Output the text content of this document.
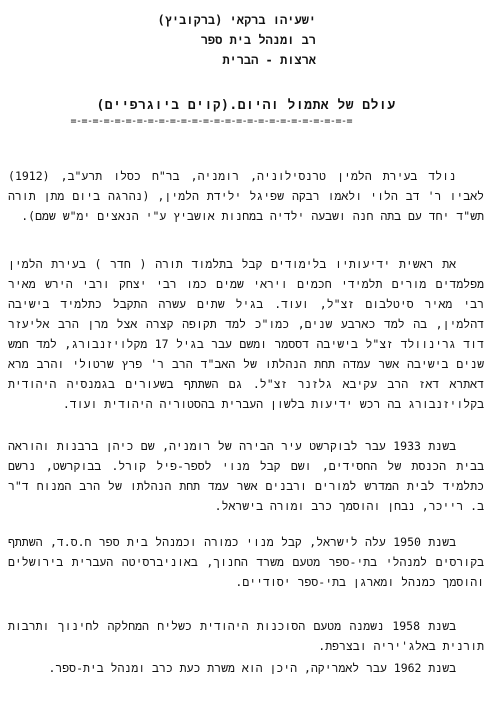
ישעיהו ברקאי (ברקוביץ)
רב ומנהל בית ספר
ארצות - הברית
עולם של אתמול והיום.(קוים ביוגרפיים)
=-=-=-=-=-=-=-=-=-=-=-=-=-=-=-=-=-=-=-=-=-=-=-=-=-=
נולד בעירת הלמין טרנסילוניה, רומניה, בר"ח כסלו תרע"ב, (1912) לאביו ר' דב הלוי ולאמו רבקה שפיגל ילידת הלמין, (נהרגה ביום מתן תורה תש"ד יחד עם בתה חנה ושבעה ילדיה במחנות אושביץ ע"י הנאצים ימ"ש שמם).
את ראשית ידיעותיו בלימודים קבל בתלמוד תורה ( חדר ) בעירת הלמין מפלמדים מורים תלמידי חכמים ויראי שמים כמו רבי יצחק ורבי הירש מאיר רבי מאיר סיטלבום זצ"ל, ועוד. בגיל שתים עשרה התקבל כתלמיד בישיבה דהלמין, בה למד כארבע שנים, כמו"כ למד תקופה קצרה אצל מרן הרב אליעזר דוד גרינוולד זצ"ל בישיבה דססמר ומשם עבר בגיל 17 מקלויזנבורג, למד חמש שנים בישיבה אשר עמדה תחת הנהלתו של האב"ד הרב ר' פרץ שרטולי והרב מרא דאתרא דאז הרב עקיבא גלזנר זצ"ל. גם השתתף בשעורים בגמנסיה היהודית בקלויזנבורג בה רכש ידיעות בלשון העברית בהסטוריה היהודית ועוד.
בשנת 1933 עבר לבוקרשט עיר הבירה של רומניה, שם כיהן ברבנות והוראה בבית הכנסת של החסידים, ושם קבל מנוי לספר-פיל קורל. בבוקרשט, נרשם כתלמיד לבית המדרש למורים ורבנים אשר עמד תחת הנהלתו של הרב המנוח ד"ר ב. רייכר, נבחן והוסמך כרב ומורה בישראל.
בשנת 1950 עלה לישראל, קבל מנוי כמורה וכמנהל בית ספר ח.ס.ד, השתתף בקורסים למנהלי בתי-ספר מטעם משרד החנוך, באוניברסיטה העברית בירושלים והוסמך כמנהל ומארגן בתי-ספר יסודיים.
בשנת 1958 נשמנה מטעם הסוכנות היהודית כשליח המחלקה לחינוך ותרבות תורנית באלג'יריה ובצרפת.
בשנת 1962 עבר לאמריקה, היכן הוא משרת כעת כרב ומנהל בית-ספר.
